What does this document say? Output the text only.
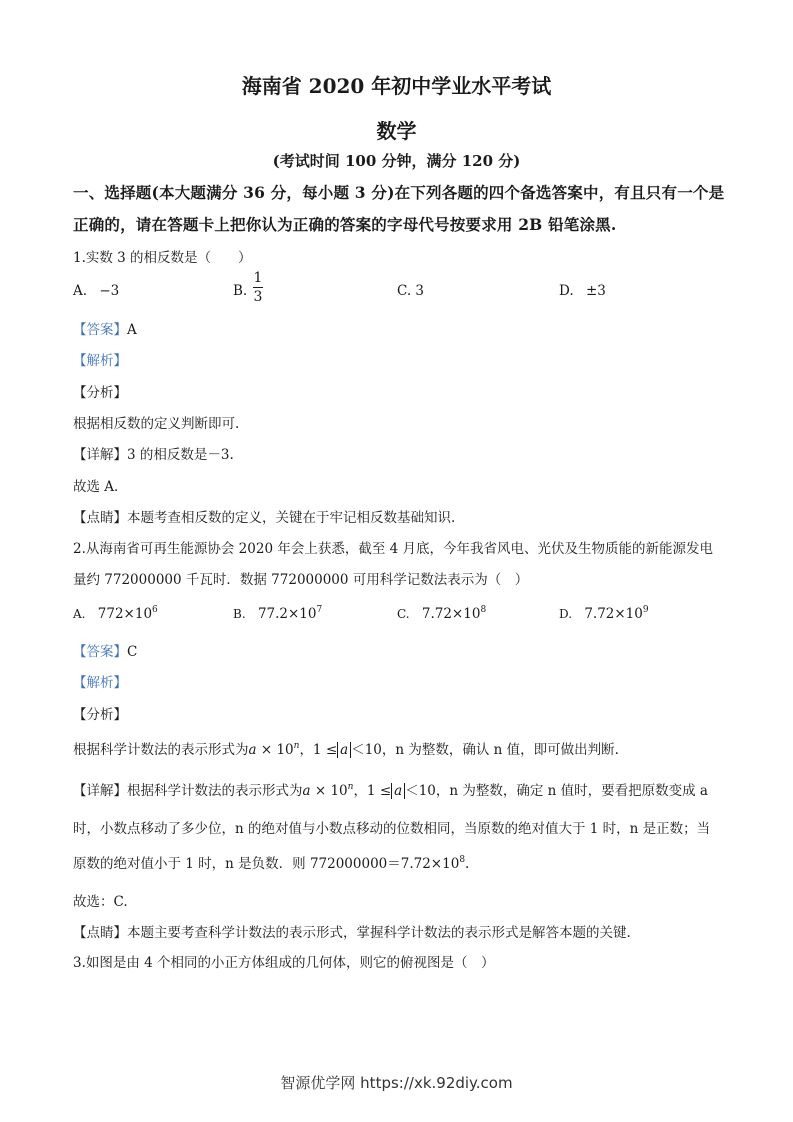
海南省 2020 年初中学业水平考试
数学
(考试时间 100 分钟，满分 120 分)
一、选择题(本大题满分 36 分，每小题 3 分)在下列各题的四个备选答案中，有且只有一个是
正确的，请在答题卡上把你认为正确的答案的字母代号按要求用 2B 铅笔涂黑.
1.实数 3 的相反数是（　　）
A. −3	B.
1
3	C. 3	D. ±3
【答案】A
【解析】
【分析】
根据相反数的定义判断即可.
【详解】3 的相反数是－3.
故选 A．
【点睛】本题考查相反数的定义，关键在于牢记相反数基础知识.
2.从海南省可再生能源协会 2020 年会上获悉，截至 4 月底，今年我省风电、光伏及生物质能的新能源发电
量约 772000000 千瓦时．数据 772000000 可用科学记数法表示为（　）
A. $772\times 10^6$	B. $77.2\times 10^7$	C. $7.72\times 10^8$	D. $7.72\times 10^9$
【答案】C
【解析】
【分析】
根据科学计数法的表示形式为$a \times 10^n$，1 ≤ a ＜10，n 为整数，确认 n 值，即可做出判断.
【详解】根据科学计数法的表示形式为$a \times 10^n$，1 ≤ a ＜10，n 为整数，确定 n 值时，要看把原数变成 a
时，小数点移动了多少位，n 的绝对值与小数点移动的位数相同，当原数的绝对值大于 1 时，n 是正数；当
原数的绝对值小于 1 时，n 是负数．则 $772000000=7.72\times 10^8$.
故选：C.
【点睛】本题主要考查科学计数法的表示形式，掌握科学计数法的表示形式是解答本题的关键.
3.如图是由 4 个相同的小正方体组成的几何体，则它的俯视图是（　）
智源优学网 https://xk.92diy.com
